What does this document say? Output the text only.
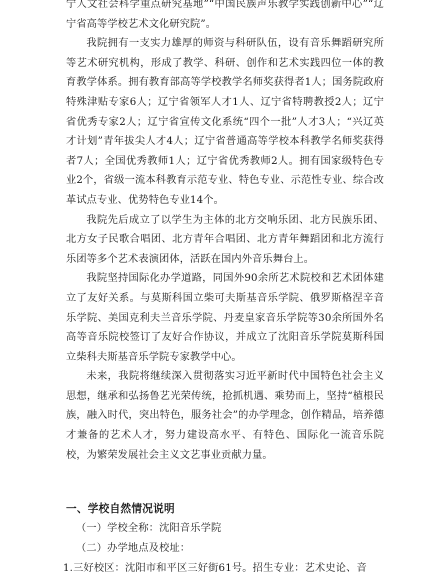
宁人文社会科学重点研究基地”“中国民族声乐教学实践创新中心”“辽宁省高等学校艺术文化研究院”。

我院拥有一支实力雄厚的师资与科研队伍，设有音乐舞蹈研究所等艺术研究机构，形成了教学、科研、创作和艺术实践四位一体的教育教学体系。拥有教育部高等学校教学名师奖获得者1人；国务院政府特殊津贴专家6人；辽宁省领军人才1人、辽宁省特聘教授2人；辽宁省优秀专家2人；辽宁省宣传文化系统“四个一批”人才3人；“兴辽英才计划”青年拔尖人才4人；辽宁省普通高等学校本科教学名师奖获得者7人；全国优秀教师1人；辽宁省优秀教师2人。拥有国家级特色专业2个，省级一流本科教育示范专业、特色专业、示范性专业、综合改革试点专业、优势特色专业14个。

我院先后成立了以学生为主体的北方交响乐团、北方民族乐团、北方女子民歌合唱团、北方青年合唱团、北方青年舞蹈团和北方流行乐团等多个艺术表演团体，活跃在国内外音乐舞台上。

我院坚持国际化办学道路，同国外90余所艺术院校和艺术团体建立了友好关系。与莫斯科国立柴可夫斯基音乐学院、俄罗斯格涅辛音乐学院、美国克利夫兰音乐学院、丹麦皇家音乐学院等30余所国外名高等音乐院校签订了友好合作协议，并成立了沈阳音乐学院莫斯科国立柴科夫斯基音乐学院专家教学中心。

未来，我院将继续深入贯彻落实习近平新时代中国特色社会主义思想，继承和弘扬鲁艺光荣传统，抢抓机遇、乘势而上，坚持“植根民族，融入时代，突出特色，服务社会”的办学理念，创作精品，培养德才兼备的艺术人才，努力建设高水平、有特色、国际化一流音乐院校，为繁荣发展社会主义文艺事业贡献力量。

一、学校自然情况说明

（一）学校全称：沈阳音乐学院

（二）办学地点及校址：

1.三好校区：沈阳市和平区三好街61号。招生专业：艺术史论、音
